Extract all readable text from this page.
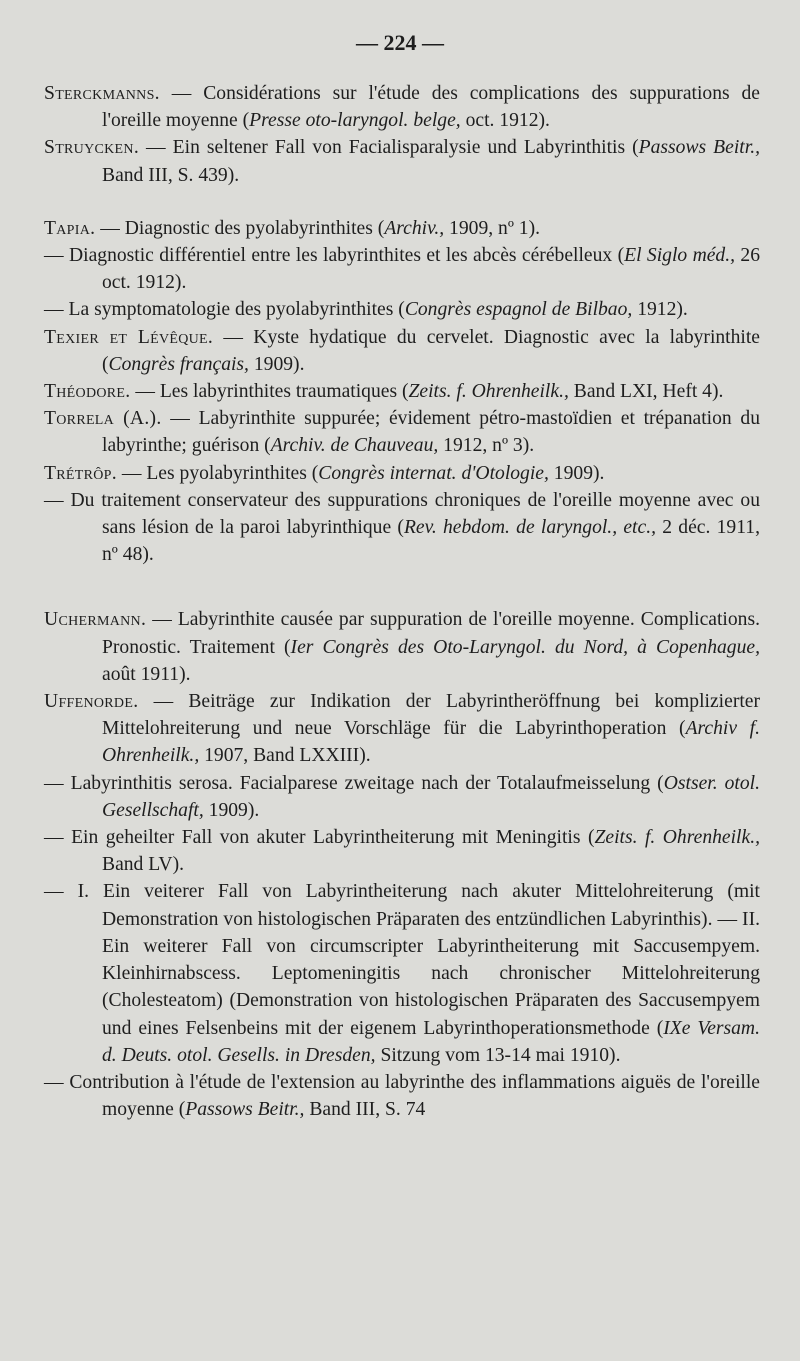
— 224 —
Sterckmanns. — Considérations sur l'étude des complications des suppurations de l'oreille moyenne (Presse oto-laryngol. belge, oct. 1912).
Struycken. — Ein seltener Fall von Facialisparalysie und Labyrinthitis (Passows Beitr., Band III, S. 439).
Tapia. — Diagnostic des pyolabyrinthites (Archiv., 1909, nº 1).
— Diagnostic différentiel entre les labyrinthites et les abcès cérébelleux (El Siglo méd., 26 oct. 1912).
— La symptomatologie des pyolabyrinthites (Congrès espagnol de Bilbao, 1912).
Texier et Lévêque. — Kyste hydatique du cervelet. Diagnostic avec la labyrinthite (Congrès français, 1909).
Théodore. — Les labyrinthites traumatiques (Zeits. f. Ohrenheilk., Band LXI, Heft 4).
Torrela (A.). — Labyrinthite suppurée; évidement pétro-mastoïdien et trépanation du labyrinthe; guérison (Archiv. de Chauveau, 1912, nº 3).
Trétrôp. — Les pyolabyrinthites (Congrès internat. d'Otologie, 1909).
— Du traitement conservateur des suppurations chroniques de l'oreille moyenne avec ou sans lésion de la paroi labyrinthique (Rev. hebdom. de laryngol., etc., 2 déc. 1911, nº 48).
Uchermann. — Labyrinthite causée par suppuration de l'oreille moyenne. Complications. Pronostic. Traitement (Ier Congrès des Oto-Laryngol. du Nord, à Copenhague, août 1911).
Uffenorde. — Beiträge zur Indikation der Labyrintheröffnung bei komplizierter Mittelohreiterung und neue Vorschläge für die Labyrinthoperation (Archiv f. Ohrenheilk., 1907, Band LXXIII).
— Labyrinthitis serosa. Facialparese zweitage nach der Totalaufmeisselung (Ostser. otol. Gesellschaft, 1909).
— Ein geheilter Fall von akuter Labyrintheiterung mit Meningitis (Zeits. f. Ohrenheilk., Band LV).
— I. Ein veiterer Fall von Labyrintheiterung nach akuter Mittelohreiterung (mit Demonstration von histologischen Präparaten des entzündlichen Labyrinthis). — II. Ein weiterer Fall von circumscripter Labyrintheiterung mit Saccusempyem. Kleinhirnabscess. Leptomeningitis nach chronischer Mittelohreiterung (Cholesteatom) (Demonstration von histologischen Präparaten des Saccusempyem und eines Felsenbeins mit der eigenem Labyrinthoperationsmethode (IXe Versam. d. Deuts. otol. Gesells. in Dresden, Sitzung vom 13-14 mai 1910).
— Contribution à l'étude de l'extension au labyrinthe des inflammations aiguës de l'oreille moyenne (Passows Beitr., Band III, S. 74
